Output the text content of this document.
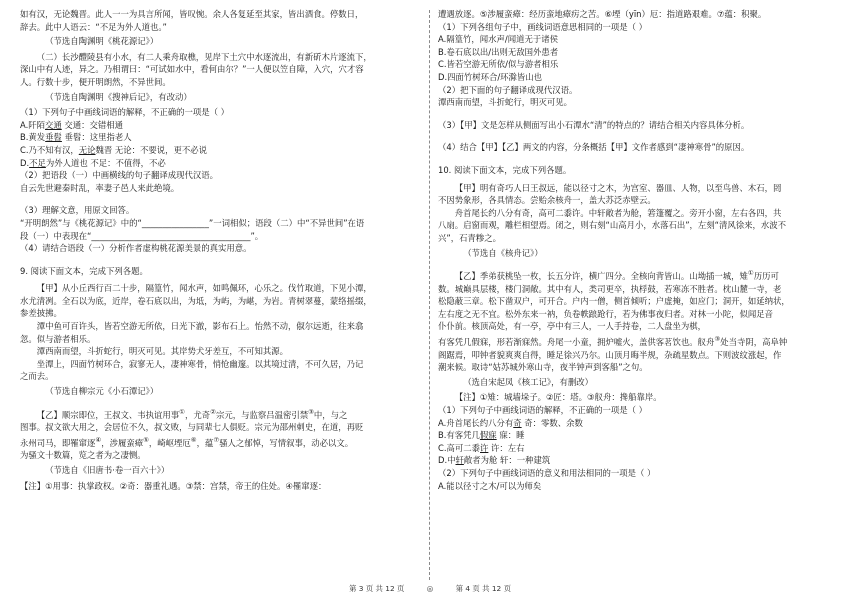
如有汉，无论魏晋。此人一一为具言所闻，皆叹惋。余人各复延至其家，皆出酒食。停数日，

辞去。此中人语云：“不足为外人道也。”

（节选自陶渊明《桃花源记》）

（二）长沙醴陵县有小水，有二人乘舟取樵，见岸下土穴中水逐流出，有新斫木片逐流下，

深山中有人迹，异之。乃相谓曰：“可试如水中，看何由尔？”一人便以笠自障，入穴，穴才容

人。行数十步，便开明朗然，不异世间。

（节选自陶渊明《搜神后记》，有改动）

（1）下列句子中画线词语的解释，不正确的一项是（ ）

A.阡陌交通 交通：交错相通

B.黄发垂髫 垂髫：这里指老人

C.乃不知有汉，无论魏晋 无论：不要说，更不必说

D.不足为外人道也 不足：不值得，不必

（2）把语段（一）中画横线的句子翻译成现代汉语。

自云先世避秦时乱，率妻子邑人来此绝境。

（3）理解文意，用原文回答。

“开明朗然”与《桃花源记》中的“________________”一词相似；语段（二）中“不异世间”在语

段（一）中表现在“______________________________________”。

（4）请结合语段（一）分析作者虚构桃花源美景的真实用意。

9. 阅读下面文本，完成下列各题。

【甲】从小丘西行百二十步，隔篁竹，闻水声，如鸣佩环，心乐之。伐竹取道，下见小潭，

水尤清冽。全石以为底，近岸，卷石底以出，为坻，为屿，为嵁，为岩。青树翠蔓，蒙络摇缀，

参差披拂。

潭中鱼可百许头，皆若空游无所依，日光下澈，影布石上。怡然不动，俶尔远逝，往来翕

忽。似与游者相乐。

潭西南而望，斗折蛇行，明灭可见。其岸势犬牙差互，不可知其源。

坐潭上，四面竹树环合，寂寥无人，凄神寒骨，悄怆幽邃。以其境过清，不可久居，乃记

之而去。

（节选自柳宗元《小石潭记》）

【乙】顺宗即位，王叔文、韦执谊用事①，尤奇②宗元，与监察吕温密引禁③中，与之

图事。叔文欲大用之，会居位不久，叔文败，与同辈七人俱贬。宗元为邵州刺史，在道，再贬

永州司马，即罹窜逐④，涉履蛮瘴⑤，崎岖堙厄⑥，蕴⑦骚人之郁悼，写情叙事，动必以文。

为骚文十数篇，览之者为之凄恻。

（节选自《旧唐书·卷一百六十》）

【注】①用事：执掌政权。②奇：器重礼遇。③禁：宫禁，帝王的住处。④罹窜逐：

遭遇放逐。⑤涉履蛮瘴：经历蛮地瘴疠之苦。⑥堙（yīn）厄：指道路艰难。⑦蕴：积聚。

（1）下列各组句子中，画线词语意思相同的一项是（ ）

A.隔篁竹，闻水声/闻道无于诸侯

B.卷石底以出/出则无敌国外患者

C.皆若空游无所依/似与游者相乐

D.四面竹树环合/环滁皆山也

（2）把下面的句子翻译成现代汉语。

潭西南而望，斗折蛇行，明灭可见。

（3）【甲】文是怎样从侧面写出小石潭水“清”的特点的？请结合相关内容具体分析。

（4）结合【甲】【乙】两文的内容，分条概括【甲】文作者感到“凄神寒骨”的原因。

10. 阅读下面文本，完成下列各题。

【甲】明有奇巧人曰王叔远，能以径寸之木，为宫室、器皿、人物，以至鸟兽、木石，罔

不因势象形，各具情态。尝贻余核舟一，盖大苏泛赤壁云。

舟首尾长约八分有奇，高可二黍许。中轩敞者为舱，箬篷覆之。旁开小窗，左右各四，共

八扇。启窗而观，雕栏相望焉。闭之，则右刻“山高月小，水落石出”，左刻“清风徐来，水波不

兴”，石青糁之。

（节选自《核舟记》）

【乙】季弟获桃坠一枚，长五分许，横广四分。全核向背皆山。山坳插一城，雉①历历可

数。城巅具层楼，楼门洞敞。其中有人，类司更卒，执桴鼓，若寒冻不胜者。枕山麓一寺，老

松隐蔽三章。松下凿双户，可开合。户内一僧，侧首倾听；户虚掩，如应门；洞开，如延纳状，

左右度之无不宜。松外东来一衲，负卷帙踉跄行，若为佛事夜归者。对林一小陀，似闻足音

仆仆前。核顶高处，有一亭，亭中有三人，一人手持卷，二人盘坐为棋，

有客凭几假寐，形若渐寐然。舟尾一小童，拥炉嘘火，盖供客茗饮也。舣舟③处当寺阴，高阜钟

阁踞焉，叩钟者貌爽爽自得，睡足徐兴乃尔。山顶月晦半规，杂疏星数点。下则波纹涨起，作

潮来候。取诗“姑苏城外寒山寺，夜半钟声到客船”之句。

（选自宋起凤《核工记》，有删改）

【注】①雉：城墙垛子。②匠：塔。③舣舟：搀船靠岸。

（1）下列句子中画线词语的解释，不正确的一项是（ ）

A.舟首尾长约八分有奇 奇：零数、余数

B.有客凭几假寐 寐：睡

C.高可二黍许 许：左右

D.中轩敞者为舱 轩：一种建筑

（2）下列句子中画线词语的意义和用法相同的一项是（ ）

A.能以径寸之木/可以为师矣

第 3 页 共 12 页	◎	第 4 页 共 12 页
